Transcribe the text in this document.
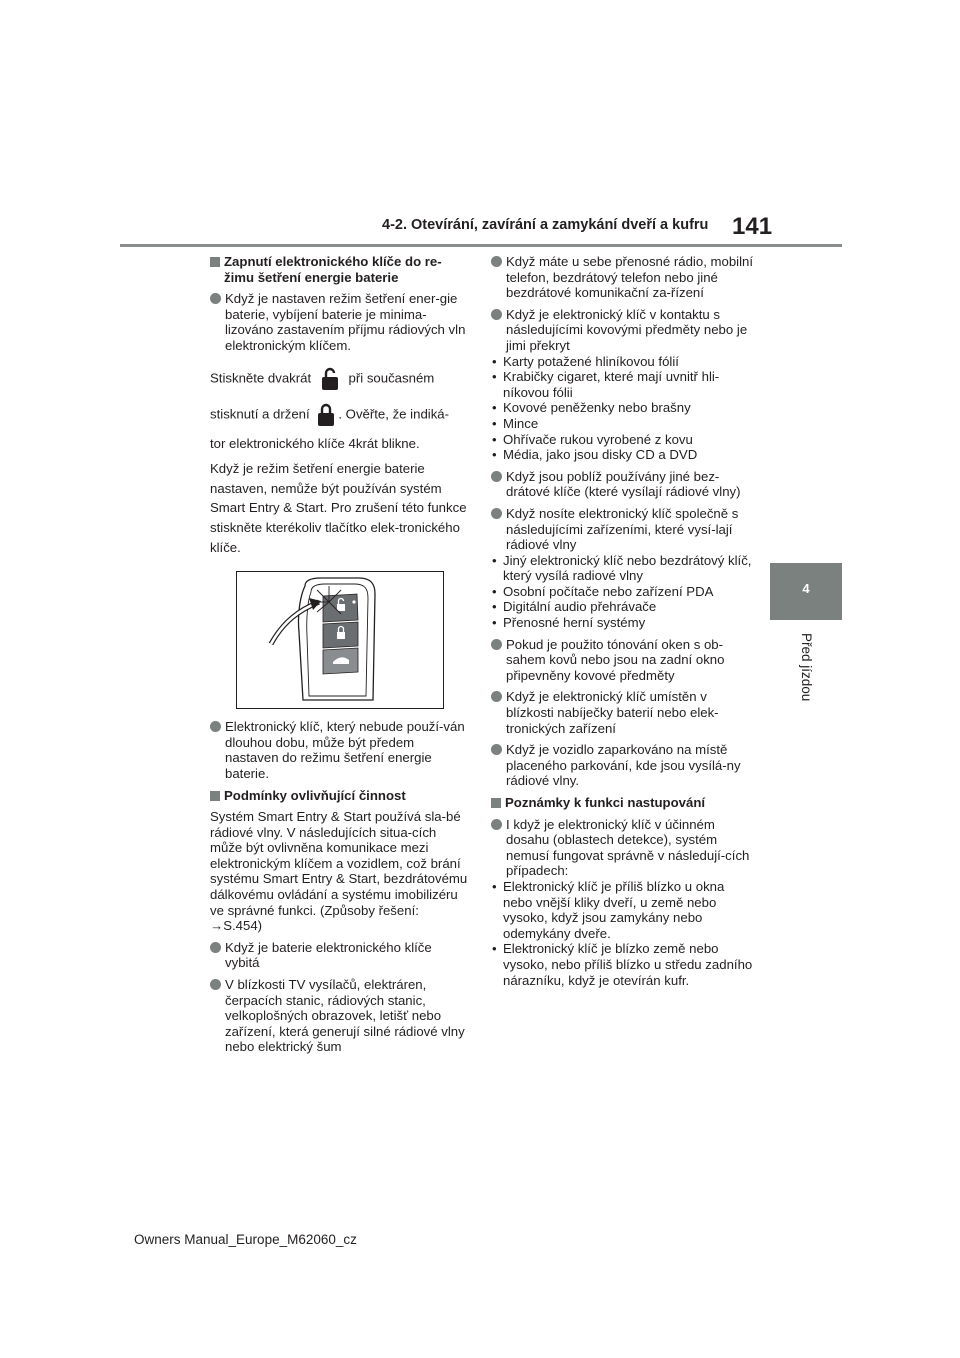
4-2. Otevírání, zavírání a zamykání dveří a kufru 141
4
Před jízdou
Zapnutí elektronického klíče do re-žimu šetření energie baterie
Když je nastaven režim šetření ener-gie baterie, vybíjení baterie je minima-lizováno zastavením příjmu rádiových vln elektronickým klíčem.
Stiskněte dvakrát	při současném
stisknutí a držení . Ověřte, že indiká-
tor elektronického klíče 4krát blikne.
Když je režim šetření energie baterie nastaven, nemůže být používán systém Smart Entry & Start. Pro zrušení této funkce stiskněte kterékoliv tlačítko elek-tronického klíče.
Elektronický klíč, který nebude použí-ván dlouhou dobu, může být předem nastaven do režimu šetření energie baterie.
Podmínky ovlivňující činnost
Systém Smart Entry & Start používá sla-bé rádiové vlny. V následujících situa-cích může být ovlivněna komunikace mezi elektronickým klíčem a vozidlem, což brání systému Smart Entry & Start, bezdrátovému dálkovému ovládání a systému imobilizéru ve správné funkci. (Způsoby řešení: →S.454)
Když je baterie elektronického klíče vybitá
V blízkosti TV vysílačů, elektráren, čerpacích stanic, rádiových stanic, velkoplošných obrazovek, letišť nebo zařízení, která generují silné rádiové vlny nebo elektrický šum
Když máte u sebe přenosné rádio, mobilní telefon, bezdrátový telefon nebo jiné bezdrátové komunikační za-řízení
Když je elektronický klíč v kontaktu s následujícími kovovými předměty nebo je jimi překryt
• Karty potažené hliníkovou fólií
• Krabičky cigaret, které mají uvnitř hli-níkovou fólii
• Kovové peněženky nebo brašny
• Mince
• Ohřívače rukou vyrobené z kovu
• Média, jako jsou disky CD a DVD
Když jsou poblíž používány jiné bez-drátové klíče (které vysílají rádiové vlny)
Když nosíte elektronický klíč společně s následujícími zařízeními, které vysí-lají rádiové vlny
• Jiný elektronický klíč nebo bezdrátový klíč, který vysílá radiové vlny
• Osobní počítače nebo zařízení PDA
• Digitální audio přehrávače
• Přenosné herní systémy
Pokud je použito tónování oken s ob-sahem kovů nebo jsou na zadní okno připevněny kovové předměty
Když je elektronický klíč umístěn v blízkosti nabíječky baterií nebo elek-tronických zařízení
Když je vozidlo zaparkováno na místě placeného parkování, kde jsou vysílá-ny rádiové vlny.
Poznámky k funkci nastupování
I když je elektronický klíč v účinném dosahu (oblastech detekce), systém nemusí fungovat správně v následují-cích případech:
• Elektronický klíč je příliš blízko u okna nebo vnější kliky dveří, u země nebo vysoko, když jsou zamykány nebo odemykány dveře.
• Elektronický klíč je blízko země nebo vysoko, nebo příliš blízko u středu zadního nárazníku, když je otevírán kufr.
Owners Manual_Europe_M62060_cz
